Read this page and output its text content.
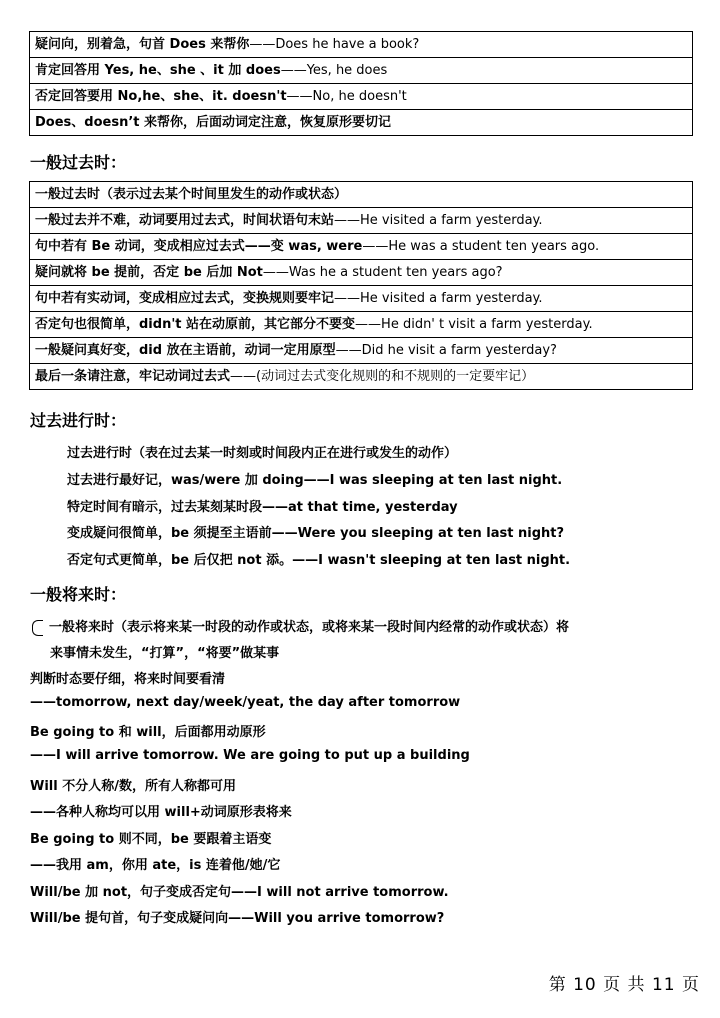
疑问向，别着急，句首 Does 来帮你——Does he have a book?
肯定回答用 Yes, he、she 、it 加 does——Yes, he does
否定回答要用 No,he、she、it. doesn't——No, he doesn't
Does、doesn’t 来帮你，后面动词定注意，恢复原形要切记
一般过去时：
一般过去时（表示过去某个时间里发生的动作或状态）
一般过去并不难，动词要用过去式，时间状语句末站——He visited a farm yesterday.
句中若有 Be 动词，变成相应过去式——变 was, were——He was a student ten years ago.
疑问就将 be 提前，否定 be 后加 Not——Was he a student ten years ago?
句中若有实动词，变成相应过去式，变换规则要牢记——He visited a farm yesterday.
否定句也很简单，didn't 站在动原前，其它部分不要变——He didn' t visit a farm yesterday.
一般疑问真好变，did 放在主语前，动词一定用原型——Did he visit a farm yesterday?
最后一条请注意，牢记动词过去式——(动词过去式变化规则的和不规则的一定要牢记）
过去进行时：
过去进行时（表在过去某一时刻或时间段内正在进行或发生的动作）
过去进行最好记，was/were 加 doing——I was sleeping at ten last night.
特定时间有暗示，过去某刻某时段——at that time, yesterday
变成疑问很简单，be 须提至主语前——Were you sleeping at ten last night?
否定句式更简单，be 后仅把 not 添。——I wasn't sleeping at ten last night.
一般将来时：
一般将来时（表示将来某一时段的动作或状态，或将来某一段时间内经常的动作或状态）将
来事情未发生，“打算”，“将要”做某事
判断时态要仔细，将来时间要看清
——tomorrow, next day/week/yeat, the day after tomorrow
Be going to 和 will，后面都用动原形
——I will arrive tomorrow. We are going to put up a building
Will 不分人称/数，所有人称都可用
——各种人称均可以用 will+动词原形表将来
Be going to 则不同，be 要跟着主语变
——我用 am，你用 ate，is 连着他/她/它
Will/be 加 not，句子变成否定句——I will not arrive tomorrow.
Will/be 提句首，句子变成疑问向——Will you arrive tomorrow?
第 10 页 共 11 页
